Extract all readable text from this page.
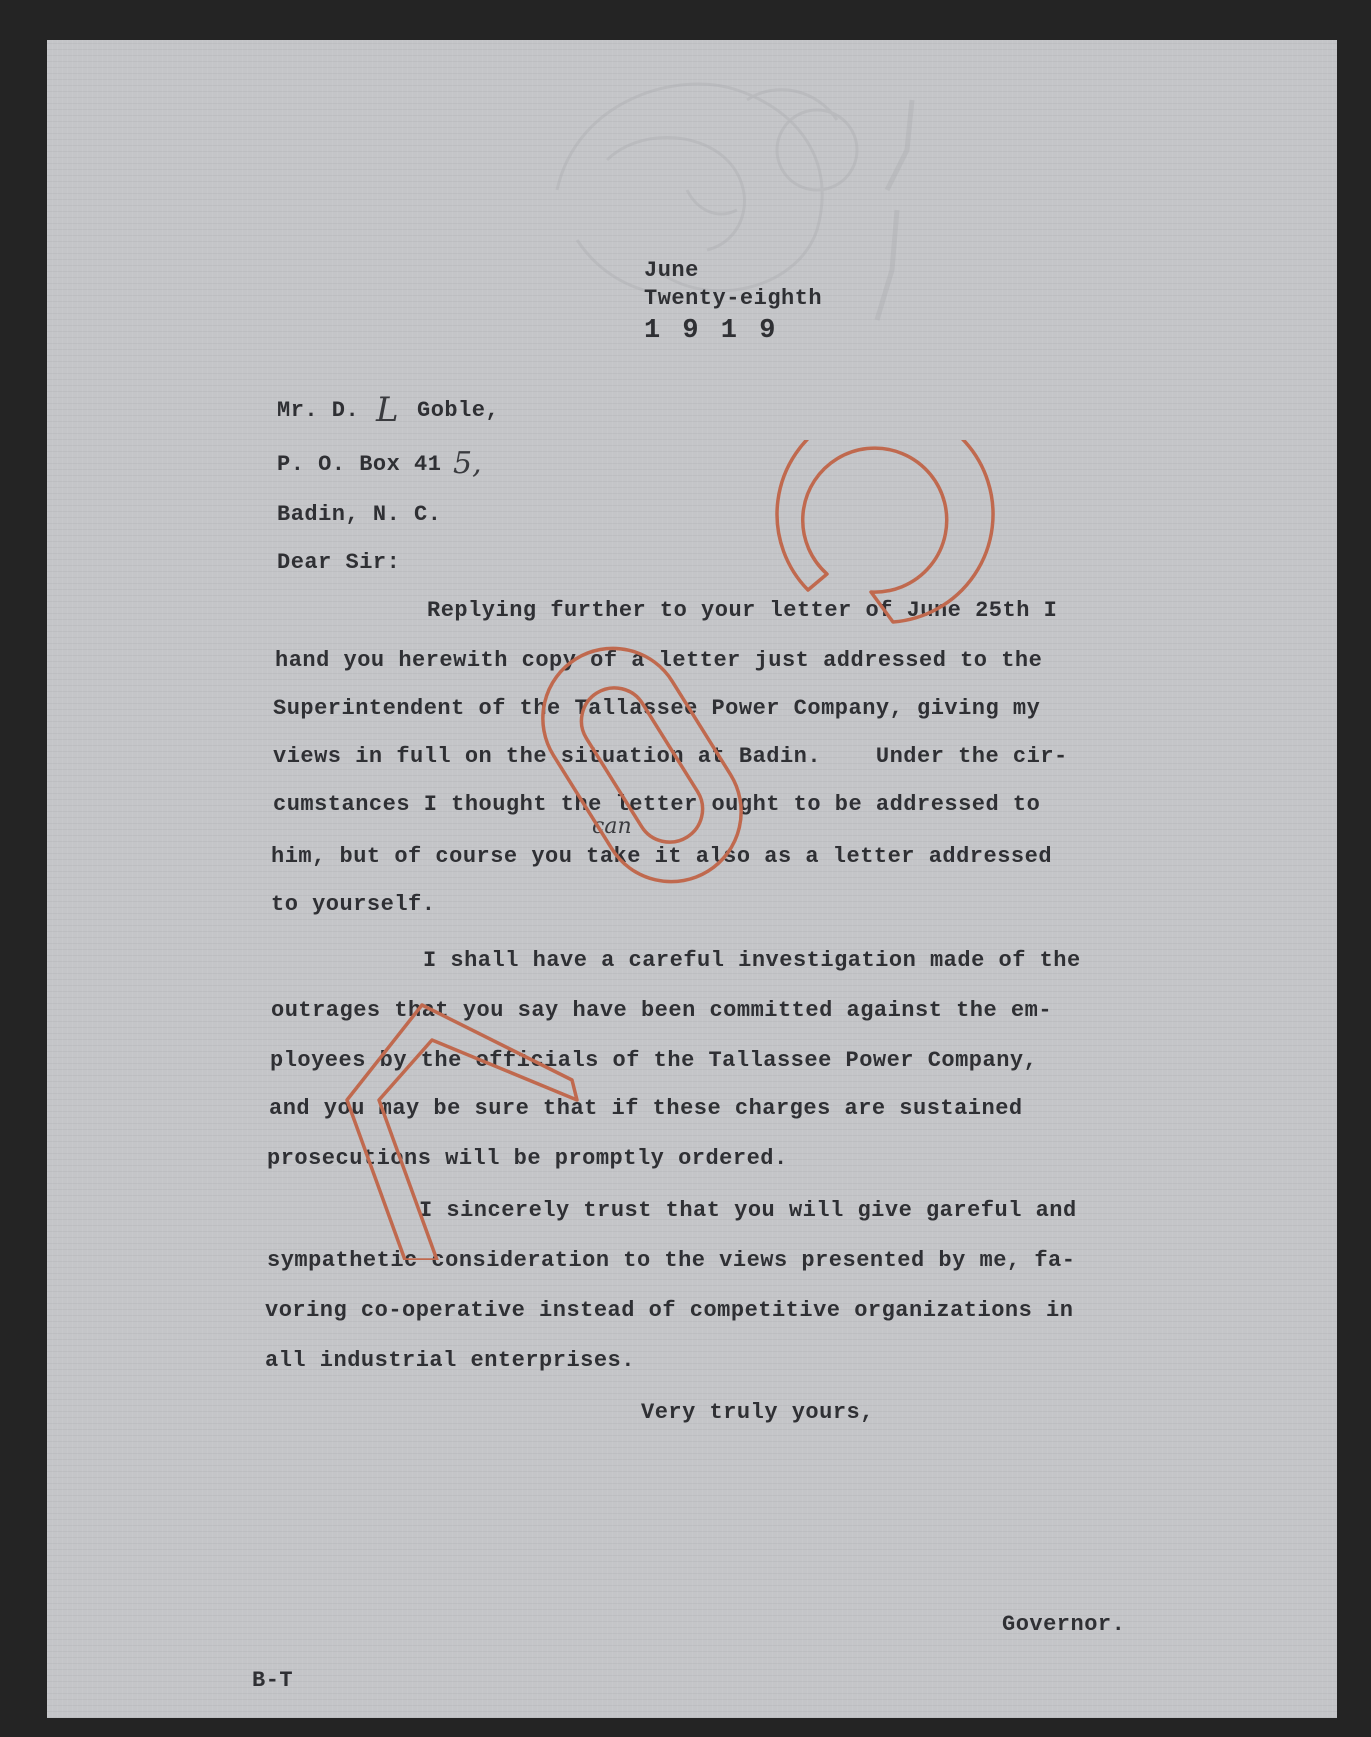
June
Twenty-eighth
1 9 1 9
Mr. D. L Goble,
P. O. Box 41 5,
Badin, N. C.
Dear Sir:
Replying further to your letter of June 25th I
hand you herewith copy of a letter just addressed to the
Superintendent of the Tallassee Power Company, giving my
views in full on the situation at Badin.    Under the cir-
cumstances I thought the letter ought to be addressed to
him, but of course you take it also as a letter addressed
can
to yourself.
I shall have a careful investigation made of the
outrages that you say have been committed against the em-
ployees by the officials of the Tallassee Power Company,
and you may be sure that if these charges are sustained
prosecutions will be promptly ordered.
I sincerely trust that you will give gareful and
sympathetic consideration to the views presented by me, fa-
voring co-operative instead of competitive organizations in
all industrial enterprises.
Very truly yours,
Governor.
B-T
